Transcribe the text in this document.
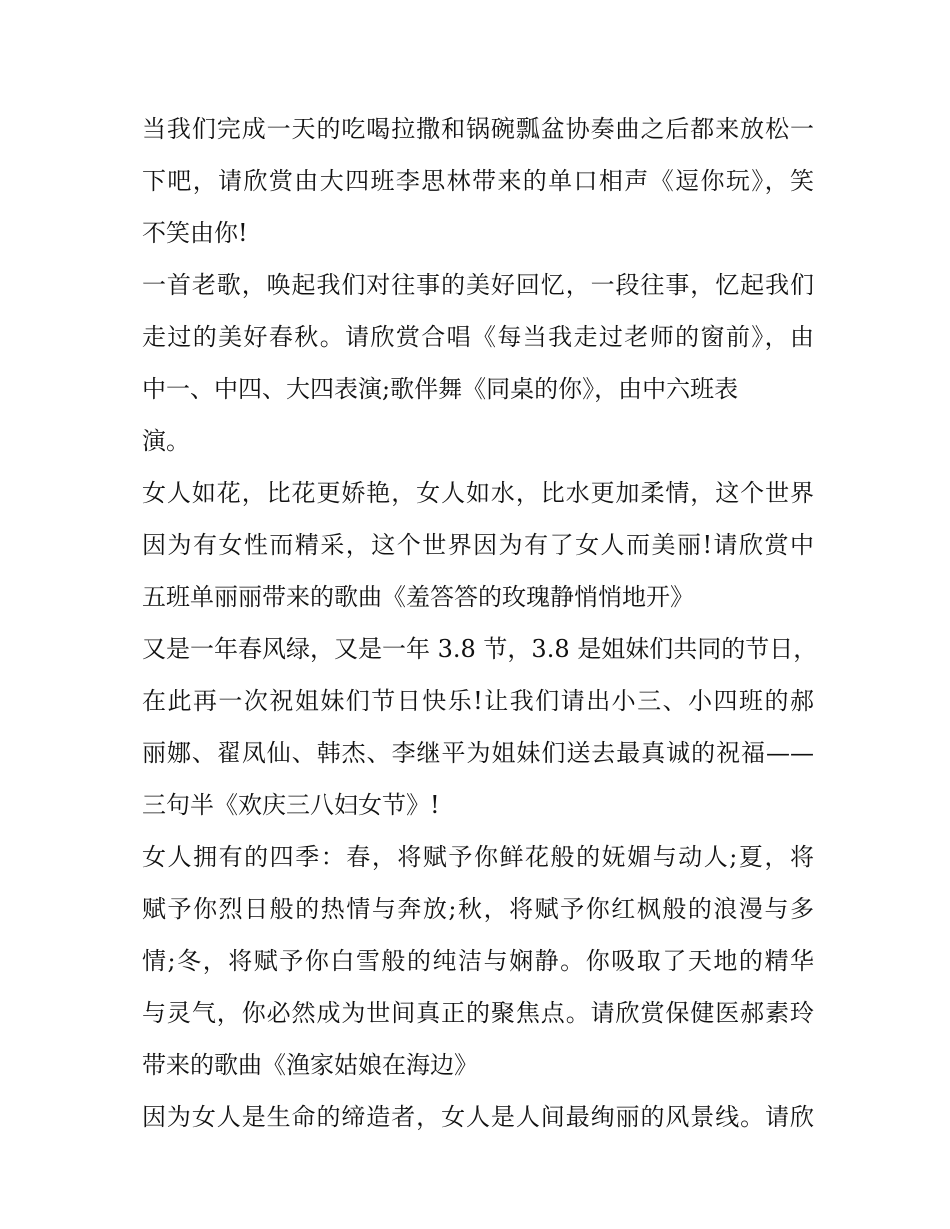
当我们完成一天的吃喝拉撒和锅碗瓢盆协奏曲之后都来放松一
下吧，请欣赏由大四班李思林带来的单口相声《逗你玩》，笑
不笑由你!
一首老歌，唤起我们对往事的美好回忆，一段往事，忆起我们
走过的美好春秋。请欣赏合唱《每当我走过老师的窗前》，由
中一、中四、大四表演;歌伴舞《同桌的你》，由中六班表
演。
女人如花，比花更娇艳，女人如水，比水更加柔情，这个世界
因为有女性而精采，这个世界因为有了女人而美丽!请欣赏中
五班单丽丽带来的歌曲《羞答答的玫瑰静悄悄地开》
又是一年春风绿，又是一年 3.8 节，3.8 是姐妹们共同的节日，
在此再一次祝姐妹们节日快乐!让我们请出小三、小四班的郝
丽娜、翟凤仙、韩杰、李继平为姐妹们送去最真诚的祝福——
三句半《欢庆三八妇女节》!
女人拥有的四季：春，将赋予你鲜花般的妩媚与动人;夏，将
赋予你烈日般的热情与奔放;秋，将赋予你红枫般的浪漫与多
情;冬，将赋予你白雪般的纯洁与娴静。你吸取了天地的精华
与灵气，你必然成为世间真正的聚焦点。请欣赏保健医郝素玲
带来的歌曲《渔家姑娘在海边》
因为女人是生命的缔造者，女人是人间最绚丽的风景线。请欣
